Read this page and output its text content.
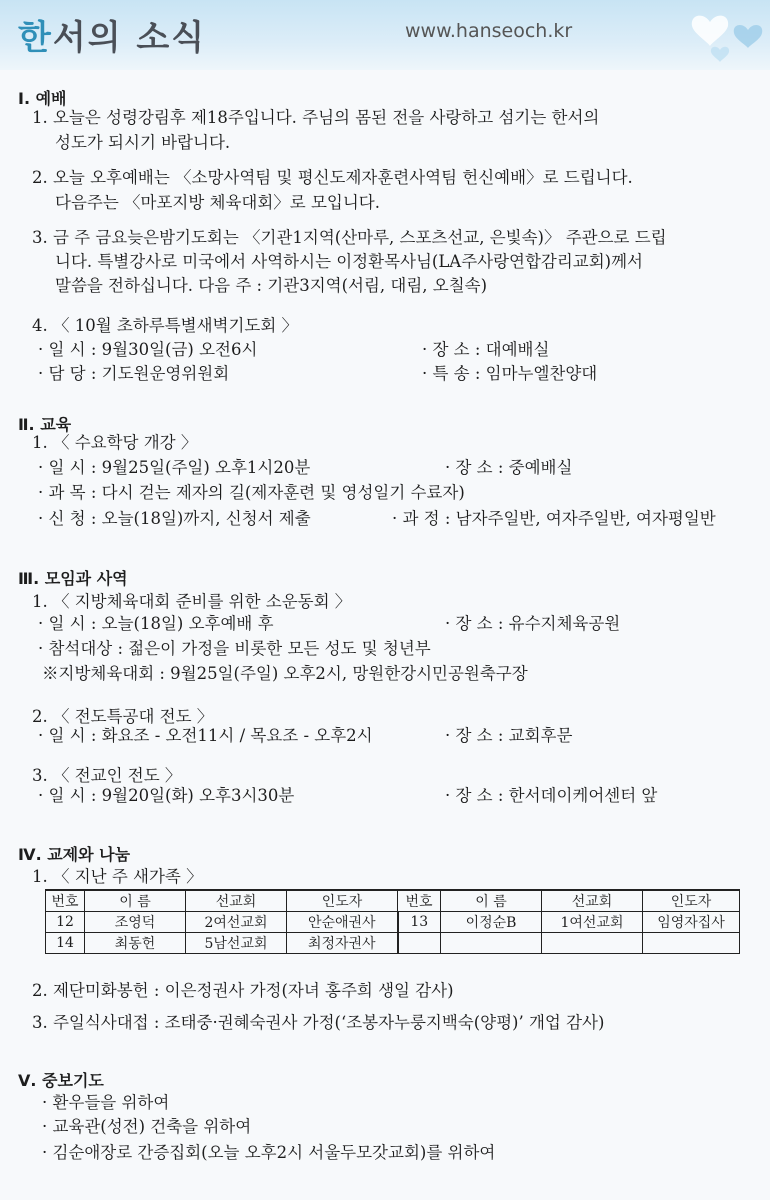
한서의 소식	www.hanseoch.kr
Ⅰ. 예배
1. 오늘은 성령강림후 제18주입니다. 주님의 몸된 전을 사랑하고 섬기는 한서의
성도가 되시기 바랍니다.
2. 오늘 오후예배는 〈소망사역팀 및 평신도제자훈련사역팀 헌신예배〉로 드립니다.
다음주는 〈마포지방 체육대회〉로 모입니다.
3. 금 주 금요늦은밤기도회는 〈기관1지역(산마루, 스포츠선교, 은빛속)〉 주관으로 드립
니다. 특별강사로 미국에서 사역하시는 이정환목사님(LA주사랑연합감리교회)께서
말씀을 전하십니다. 다음 주 : 기관3지역(서림, 대림, 오칠속)
4. 〈 10월 초하루특별새벽기도회 〉
· 일 시 : 9월30일(금) 오전6시	· 장 소 : 대예배실
· 담 당 : 기도원운영위원회	· 특 송 : 임마누엘찬양대
Ⅱ. 교육
1. 〈 수요학당 개강 〉
· 일 시 : 9월25일(주일) 오후1시20분	· 장 소 : 중예배실
· 과 목 : 다시 걷는 제자의 길(제자훈련 및 영성일기 수료자)
· 신 청 : 오늘(18일)까지, 신청서 제출	· 과 정 : 남자주일반, 여자주일반, 여자평일반
Ⅲ. 모임과 사역
1. 〈 지방체육대회 준비를 위한 소운동회 〉
· 일 시 : 오늘(18일) 오후예배 후	· 장 소 : 유수지체육공원
· 참석대상 : 젊은이 가정을 비롯한 모든 성도 및 청년부
※지방체육대회 : 9월25일(주일) 오후2시, 망원한강시민공원축구장
2. 〈 전도특공대 전도 〉
· 일 시 : 화요조 - 오전11시 / 목요조 - 오후2시	· 장 소 : 교회후문
3. 〈 전교인 전도 〉
· 일 시 : 9월20일(화) 오후3시30분	· 장 소 : 한서데이케어센터 앞
Ⅳ. 교제와 나눔
1. 〈 지난 주 새가족 〉
번호	이 름	선교회	인도자	번호	이 름	선교회	인도자
12	조영덕	2여선교회	안순애권사	13	이정순B	1여선교회	임영자집사
14	최동헌	5남선교회	최정자권사				
2. 제단미화봉헌 : 이은정권사 가정(자녀 홍주희 생일 감사)
3. 주일식사대접 : 조태중·권혜숙권사 가정(‘조봉자누룽지백숙(양평)’ 개업 감사)
Ⅴ. 중보기도
· 환우들을 위하여
· 교육관(성전) 건축을 위하여
· 김순애장로 간증집회(오늘 오후2시 서울두모갓교회)를 위하여
